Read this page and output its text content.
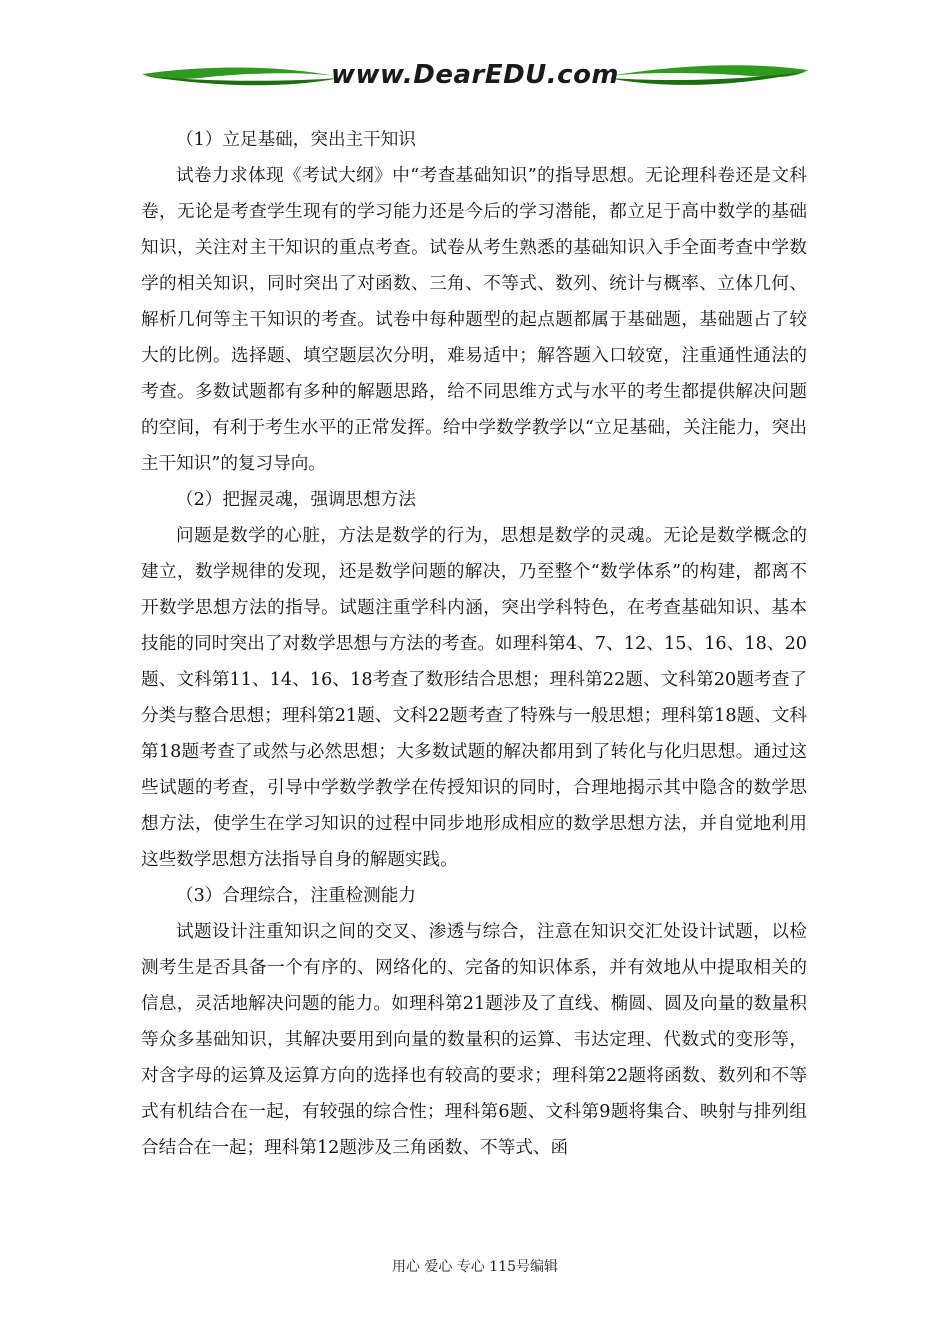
www.DearEDU.com

（1）立足基础，突出主干知识

试卷力求体现《考试大纲》中“考查基础知识”的指导思想。无论理科卷还是文科卷，无论是考查学生现有的学习能力还是今后的学习潜能，都立足于高中数学的基础知识，关注对主干知识的重点考查。试卷从考生熟悉的基础知识入手全面考查中学数学的相关知识，同时突出了对函数、三角、不等式、数列、统计与概率、立体几何、解析几何等主干知识的考查。试卷中每种题型的起点题都属于基础题，基础题占了较大的比例。选择题、填空题层次分明，难易适中；解答题入口较宽，注重通性通法的考查。多数试题都有多种的解题思路，给不同思维方式与水平的考生都提供解决问题的空间，有利于考生水平的正常发挥。给中学数学教学以“立足基础，关注能力，突出主干知识”的复习导向。

（2）把握灵魂，强调思想方法

问题是数学的心脏，方法是数学的行为，思想是数学的灵魂。无论是数学概念的建立，数学规律的发现，还是数学问题的解决，乃至整个“数学体系”的构建，都离不开数学思想方法的指导。试题注重学科内涵，突出学科特色，在考查基础知识、基本技能的同时突出了对数学思想与方法的考查。如理科第4、7、12、15、16、18、20题、文科第11、14、16、18考查了数形结合思想；理科第22题、文科第20题考查了分类与整合思想；理科第21题、文科22题考查了特殊与一般思想；理科第18题、文科第18题考查了或然与必然思想；大多数试题的解决都用到了转化与化归思想。通过这些试题的考查，引导中学数学教学在传授知识的同时，合理地揭示其中隐含的数学思想方法，使学生在学习知识的过程中同步地形成相应的数学思想方法，并自觉地利用这些数学思想方法指导自身的解题实践。

（3）合理综合，注重检测能力

试题设计注重知识之间的交叉、渗透与综合，注意在知识交汇处设计试题，以检测考生是否具备一个有序的、网络化的、完备的知识体系，并有效地从中提取相关的信息，灵活地解决问题的能力。如理科第21题涉及了直线、椭圆、圆及向量的数量积等众多基础知识，其解决要用到向量的数量积的运算、韦达定理、代数式的变形等，对含字母的运算及运算方向的选择也有较高的要求；理科第22题将函数、数列和不等式有机结合在一起，有较强的综合性；理科第6题、文科第9题将集合、映射与排列组合结合在一起；理科第12题涉及三角函数、不等式、函

用心 爱心 专心 115号编辑
